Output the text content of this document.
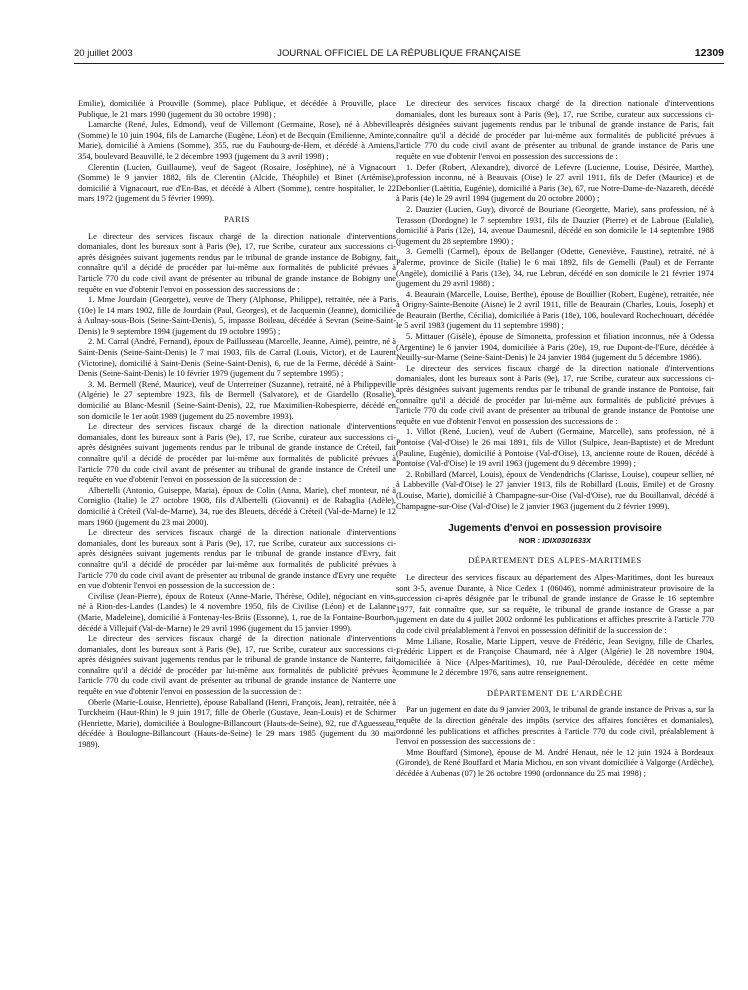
20 juillet 2003	JOURNAL OFFICIEL DE LA RÉPUBLIQUE FRANÇAISE	12309

Emilie), domiciliée à Prouville (Somme), place Publique, et décédée à Prouville, place Publique, le 21 mars 1990 (jugement du 30 octobre 1998) ;

Lamarche (René, Jules, Edmond), veuf de Villemont (Germaine, Rose), né à Abbeville (Somme) le 10 juin 1904, fils de Lamarche (Eugène, Léon) et de Becquin (Emilienne, Aminte, Marie), domicilié à Amiens (Somme), 355, rue du Faubourg-de-Hem, et décédé à Amiens, 354, boulevard Beauvillé, le 2 décembre 1993 (jugement du 3 avril 1998) ;

Clerentin (Lucien, Guillaume), veuf de Sageot (Rosaire, Joséphine), né à Vignacourt (Somme) le 9 janvier 1882, fils de Clerentin (Alcide, Théophile) et Binet (Artémise), domicilié à Vignacourt, rue d'En-Bas, et décédé à Albert (Somme), centre hospitalier, le 22 mars 1972 (jugement du 5 février 1999).

PARIS

Le directeur des services fiscaux chargé de la direction nationale d'interventions domaniales, dont les bureaux sont à Paris (9e), 17, rue Scribe, curateur aux successions ci-après désignées suivant jugements rendus par le tribunal de grande instance de Bobigny, fait connaître qu'il a décidé de procéder par lui-même aux formalités de publicité prévues à l'article 770 du code civil avant de présenter au tribunal de grande instance de Bobigny une requête en vue d'obtenir l'envoi en possession des successions de :

1. Mme Jourdain (Georgette), veuve de Thery (Alphonse, Philippe), retraitée, née à Paris (10e) le 14 mars 1902, fille de Jourdain (Paul, Georges), et de Jacquemin (Jeanne), domiciliée à Aulnay-sous-Bois (Seine-Saint-Denis), 5, impasse Boileau, décédée à Sevran (Seine-Saint-Denis) le 9 septembre 1994 (jugement du 19 octobre 1995) ;

2. M. Carral (André, Fernand), époux de Paillusseau (Marcelle, Jeanne, Aimé), peintre, né à Saint-Denis (Seine-Saint-Denis) le 7 mai 1903, fils de Carral (Louis, Victor), et de Laurent (Victorine), domicilié à Saint-Denis (Seine-Saint-Denis), 6, rue de la Ferme, décédé à Saint-Denis (Seine-Saint-Denis) le 10 février 1979 (jugement du 7 septembre 1995) ;

3. M. Bermell (René, Maurice), veuf de Unterreiner (Suzanne), retraité, né à Philippeville (Algérie) le 27 septembre 1923, fils de Bermell (Salvatore), et de Giardello (Rosalie), domicilié au Blanc-Mesnil (Seine-Saint-Denis), 22, rue Maximilien-Robespierre, décédé en son domicile le 1er août 1989 (jugement du 25 novembre 1993).

Le directeur des services fiscaux chargé de la direction nationale d'interventions domaniales, dont les bureaux sont à Paris (9e), 17, rue Scribe, curateur aux successions ci-après désignées suivant jugements rendus par le tribunal de grande instance de Créteil, fait connaître qu'il a décidé de procéder par lui-même aux formalités de publicité prévues à l'article 770 du code civil avant de présenter au tribunal de grande instance de Créteil une requête en vue d'obtenir l'envoi en possession de la succession de :

Albertelli (Antonio, Guiseppe, Maria), époux de Colin (Anna, Marie), chef monteur, né à Corniglio (Italie) le 27 octobre 1908, fils d'Albertelli (Giovanni) et de Rabaglia (Adèle), domicilié à Créteil (Val-de-Marne), 34, rue des Bleuets, décédé à Créteil (Val-de-Marne) le 12 mars 1960 (jugement du 23 mai 2000).

Le directeur des services fiscaux chargé de la direction nationale d'interventions domaniales, dont les bureaux sont à Paris (9e), 17, rue Scribe, curateur aux successions ci-après désignées suivant jugements rendus par le tribunal de grande instance d'Evry, fait connaître qu'il a décidé de procéder par lui-même aux formalités de publicité prévues à l'article 770 du code civil avant de présenter au tribunal de grande instance d'Evry une requête en vue d'obtenir l'envoi en possession de la succession de :

Civilise (Jean-Pierre), époux de Roteux (Anne-Marie, Thérèse, Odile), négociant en vins, né à Rion-des-Landes (Landes) le 4 novembre 1950, fils de Civilise (Léon) et de Lalanne (Marie, Madeleine), domicilié à Fontenay-les-Briis (Essonne), 1, rue de la Fontaine-Bourbon, décédé à Villejuif (Val-de-Marne) le 29 avril 1996 (jugement du 15 janvier 1999).

Le directeur des services fiscaux chargé de la direction nationale d'interventions domaniales, dont les bureaux sont à Paris (9e), 17, rue Scribe, curateur aux successions ci-après désignées suivant jugements rendus par le tribunal de grande instance de Nanterre, fait connaître qu'il a décidé de procéder par lui-même aux formalités de publicité prévues à l'article 770 du code civil avant de présenter au tribunal de grande instance de Nanterre une requête en vue d'obtenir l'envoi en possession de la succession de :

Oberle (Marie-Louise, Henriette), épouse Raballand (Henri, François, Jean), retraitée, née à Turckheim (Haut-Rhin) le 9 juin 1917, fille de Oberle (Gustave, Jean-Louis) et de Schirmer (Henriette, Marie), domiciliée à Boulogne-Billancourt (Hauts-de-Seine), 92, rue d'Aguesseau, décédée à Boulogne-Billancourt (Hauts-de-Seine) le 29 mars 1985 (jugement du 30 mai 1989).

Le directeur des services fiscaux chargé de la direction nationale d'interventions domaniales, dont les bureaux sont à Paris (9e), 17, rue Scribe, curateur aux successions ci-après désignées suivant jugements rendus par le tribunal de grande instance de Paris, fait connaître qu'il a décidé de procéder par lui-même aux formalités de publicité prévues à l'article 770 du code civil avant de présenter au tribunal de grande instance de Paris une requête en vue d'obtenir l'envoi en possession des successions de :

1. Defer (Robert, Alexandre), divorcé de Lefevre (Lucienne, Louise, Désirée, Marthe), profession inconnu, né à Beauvais (Oise) le 27 avril 1911, fils de Defer (Maurice) et de Debonlier (Laëtitia, Eugénie), domicilié à Paris (3e), 67, rue Notre-Dame-de-Nazareth, décédé à Paris (4e) le 29 avril 1994 (jugement du 20 octobre 2000) ;

2. Dauzier (Lucien, Guy), divorcé de Bouriane (Georgette, Marie), sans profession, né à Terasson (Dordogne) le 7 septembre 1931, fils de Dauzier (Pierre) et de Labroue (Eulalie), domicilié à Paris (12e), 14, avenue Daumesnil, décédé en son domicile le 14 septembre 1988 (jugement du 28 septembre 1990) ;

3. Gemelli (Carmel), époux de Bellanger (Odette, Geneviève, Faustine), retraité, né à Palerme, province de Sicile (Italie) le 6 mai 1892, fils de Gemelli (Paul) et de Ferrante (Angèle), domicilié à Paris (13e), 34, rue Lebrun, décédé en son domicile le 21 février 1974 (jugement du 29 avril 1988) ;

4. Beaurain (Marcelle, Louise, Berthe), épouse de Bouillier (Robert, Eugène), retraitée, née à Origny-Sainte-Benoite (Aisne) le 2 avril 1911, fille de Beaurain (Charles, Louis, Joseph) et de Beaurain (Berthe, Cécilia), domiciliée à Paris (18e), 106, boulevard Rochechouart, décédée le 5 avril 1983 (jugement du 11 septembre 1998) ;

5. Mittauer (Gisèle), épouse de Simonetta, profession et filiation inconnus, née à Odessa (Argentine) le 6 janvier 1904, domiciliée à Paris (20e), 19, rue Dupont-de-l'Eure, décédée à Neuilly-sur-Marne (Seine-Saint-Denis) le 24 janvier 1984 (jugement du 5 décembre 1986).

Le directeur des services fiscaux chargé de la direction nationale d'interventions domaniales, dont les bureaux sont à Paris (9e), 17, rue Scribe, curateur aux successions ci-après désignées suivant jugements rendus par le tribunal de grande instance de Pontoise, fait connaître qu'il a décidé de procéder par lui-même aux formalités de publicité prévues à l'article 770 du code civil avant de présenter au tribunal de grande instance de Pontoise une requête en vue d'obtenir l'envoi en possession des successions de :

1. Villot (René, Lucien), veuf de Aubert (Germaine, Marcelle), sans profession, né à Pontoise (Val-d'Oise) le 26 mai 1891, fils de Villot (Sulpice, Jean-Baptiste) et de Mredunt (Pauline, Eugénie), domicilié à Pontoise (Val-d'Oise), 13, ancienne route de Rouen, décédé à Pontoise (Val-d'Oise) le 19 avril 1963 (jugement du 9 décembre 1999) ;

2. Robillard (Marcel, Louis), époux de Vendendrichs (Clarisse, Louise), coupeur sellier, né à Labbeville (Val-d'Oise) le 27 janvier 1913, fils de Robillard (Louis, Emile) et de Grosny (Louise, Marie), domicilié à Champagne-sur-Oise (Val-d'Oise), rue du Bouillanval, décédé à Champagne-sur-Oise (Val-d'Oise) le 2 janvier 1963 (jugement du 2 février 1999).

Jugements d'envoi en possession provisoire
NOR : IDIX0301633X
DÉPARTEMENT DES ALPES-MARITIMES

Le directeur des services fiscaux au département des Alpes-Maritimes, dont les bureaux sont 3-5, avenue Durante, à Nice Cedex 1 (06046), nommé administrateur provisoire de la succession ci-après désignée par le tribunal de grande instance de Grasse le 16 septembre 1977, fait connaître que, sur sa requête, le tribunal de grande instance de Grasse a par jugement en date du 4 juillet 2002 ordonné les publications et affiches prescrite à l'article 770 du code civil préalablement à l'envoi en possession définitif de la succession de :

Mme Liliane, Rosalie, Marie Lippert, veuve de Frédéric, Jean Sevigny, fille de Charles, Frédéric Lippert et de Françoise Chaumard, née à Alger (Algérie) le 28 novembre 1904, domiciliée à Nice (Alpes-Maritimes), 10, rue Paul-Déroulède, décédée en cette même commune le 2 décembre 1976, sans autre renseignement.

DÉPARTEMENT DE L'ARDÈCHE

Par un jugement en date du 9 janvier 2003, le tribunal de grande instance de Privas a, sur la requête de la direction générale des impôts (service des affaires foncières et domaniales), ordonné les publications et affiches prescrites à l'article 770 du code civil, préalablement à l'envoi en possession des successions de :

Mme Bouffard (Simone), épouse de M. André Henaut, née le 12 juin 1924 à Bordeaux (Gironde), de René Bouffard et Maria Michou, en son vivant domiciliée à Valgorge (Ardèche), décédée à Aubenas (07) le 26 octobre 1990 (ordonnance du 25 mai 1998) ;
